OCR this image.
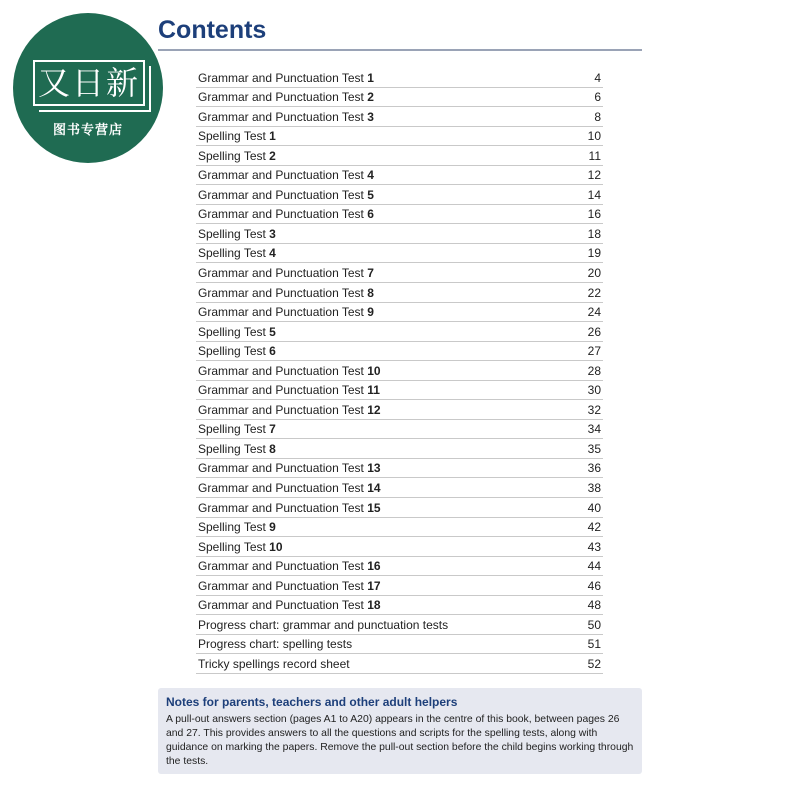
又日新
图书专营店
Contents
Grammar and Punctuation Test 1	4
Grammar and Punctuation Test 2	6
Grammar and Punctuation Test 3	8
Spelling Test 1	10
Spelling Test 2	11
Grammar and Punctuation Test 4	12
Grammar and Punctuation Test 5	14
Grammar and Punctuation Test 6	16
Spelling Test 3	18
Spelling Test 4	19
Grammar and Punctuation Test 7	20
Grammar and Punctuation Test 8	22
Grammar and Punctuation Test 9	24
Spelling Test 5	26
Spelling Test 6	27
Grammar and Punctuation Test 10	28
Grammar and Punctuation Test 11	30
Grammar and Punctuation Test 12	32
Spelling Test 7	34
Spelling Test 8	35
Grammar and Punctuation Test 13	36
Grammar and Punctuation Test 14	38
Grammar and Punctuation Test 15	40
Spelling Test 9	42
Spelling Test 10	43
Grammar and Punctuation Test 16	44
Grammar and Punctuation Test 17	46
Grammar and Punctuation Test 18	48
Progress chart: grammar and punctuation tests	50
Progress chart: spelling tests	51
Tricky spellings record sheet	52
Notes for parents, teachers and other adult helpers
A pull-out answers section (pages A1 to A20) appears in the centre of this book, between pages 26 and 27. This provides answers to all the questions and scripts for the spelling tests, along with guidance on marking the papers. Remove the pull-out section before the child begins working through the tests.
